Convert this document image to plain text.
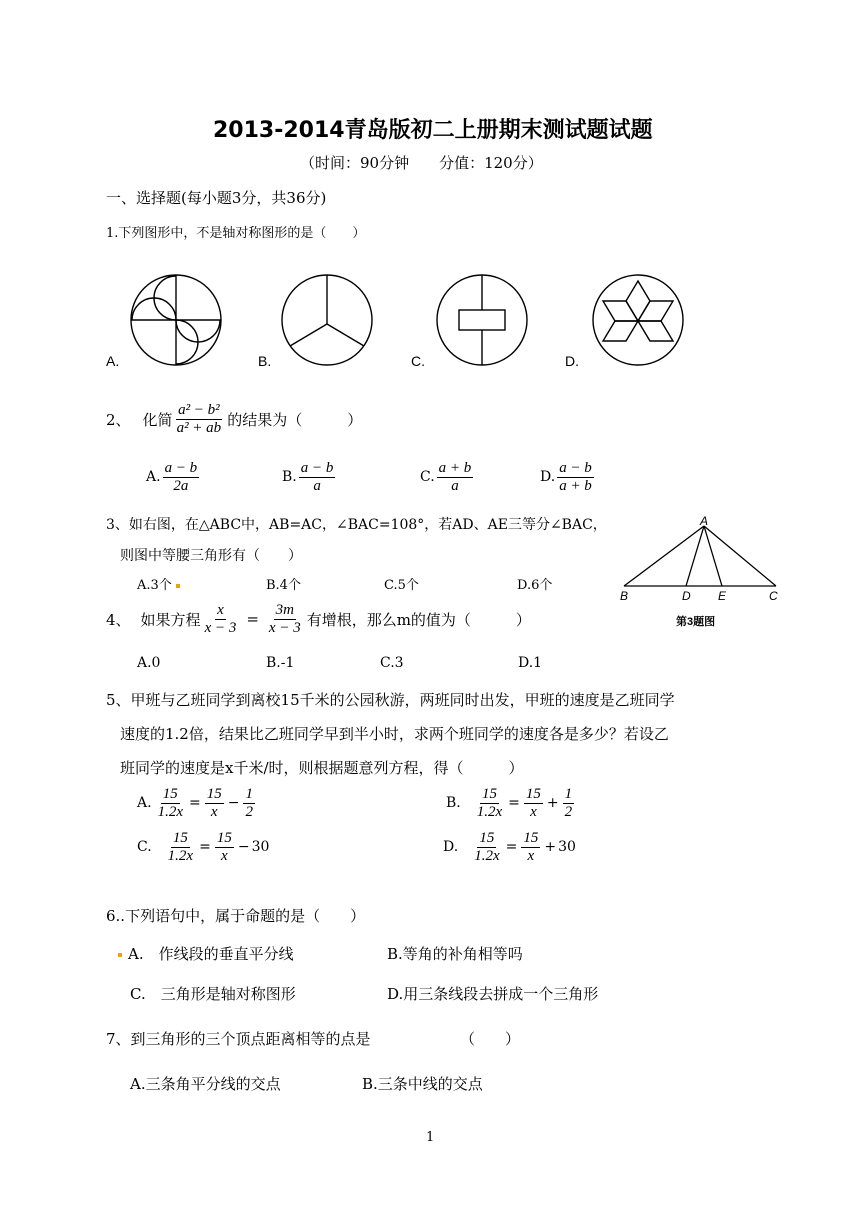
2013-2014青岛版初二上册期末测试题试题
（时间：90分钟　　分值：120分）
一、选择题(每小题3分，共36分)
1.下列图形中，不是轴对称图形的是（　　）
A.	B.	C.	D.
2、 化简 $\frac{\text{a² − b²}}{\text{a² + ab}}$ 的结果为（　　　）
A. $\frac{a - b}{2a}$	B. $\frac{a - b}{a}$	C. $\frac{a + b}{a}$	D. $\frac{a - b}{a + b}$
3、如右图，在△ABC中，AB=AC，∠BAC=108°，若AD、AE三等分∠BAC，
则图中等腰三角形有（　　）
A.3个	B.4个	C.5个	D.6个
A
B	D E	C
第3题图
4、 如果方程 $\frac{x}{x - 3} = \frac{3m}{x - 3}$ 有增根，那么m的值为（　　　）
A.0	B.-1	C.3	D.1
5、甲班与乙班同学到离校15千米的公园秋游，两班同时出发，甲班的速度是乙班同学
速度的1.2倍，结果比乙班同学早到半小时，求两个班同学的速度各是多少？若设乙
班同学的速度是x千米/时，则根据题意列方程，得（　　　）
A. $\frac{15}{1.2x} = \frac{15}{x} - \frac{1}{2}$	B. $\frac{15}{1.2x} = \frac{15}{x} + \frac{1}{2}$
C. $\frac{15}{1.2x} = \frac{15}{x} - 30$	D. $\frac{15}{1.2x} = \frac{15}{x} + 30$
6..下列语句中，属于命题的是（　　）
A.　作线段的垂直平分线	B.等角的补角相等吗
C.　三角形是轴对称图形	D.用三条线段去拼成一个三角形
7、到三角形的三个顶点距离相等的点是	（　　）
A.三条角平分线的交点	B.三条中线的交点
1
